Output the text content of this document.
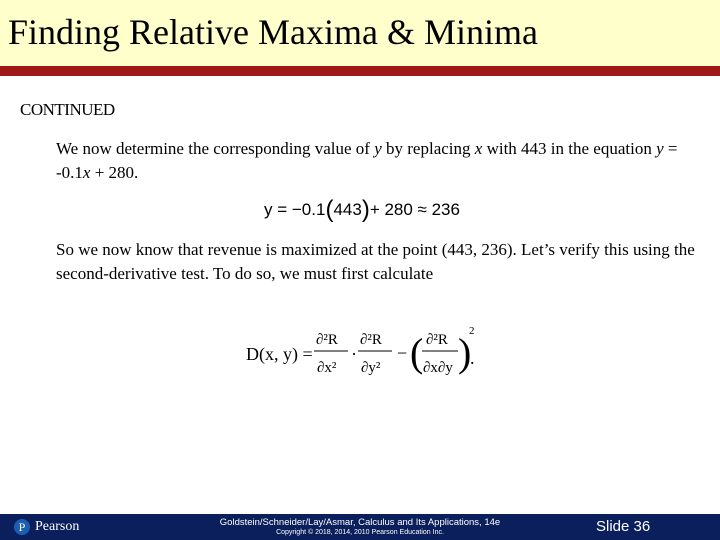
Finding Relative Maxima & Minima
CONTINUED
We now determine the corresponding value of y by replacing x with 443 in the equation y = -0.1x + 280.
y = −0.1(443)+ 280 ≈ 236
So we now know that revenue is maximized at the point (443, 236). Let’s verify this using the second-derivative test. To do so, we must first calculate
D(x, y) =
∂²R
∂x²
·
∂²R
∂y²
− ( ∂²R
∂x∂y )
2
.
P Pearson	Goldstein/Schneider/Lay/Asmar, Calculus and Its Applications, 14e
Copyright © 2018, 2014, 2010 Pearson Education Inc.	Slide 36
